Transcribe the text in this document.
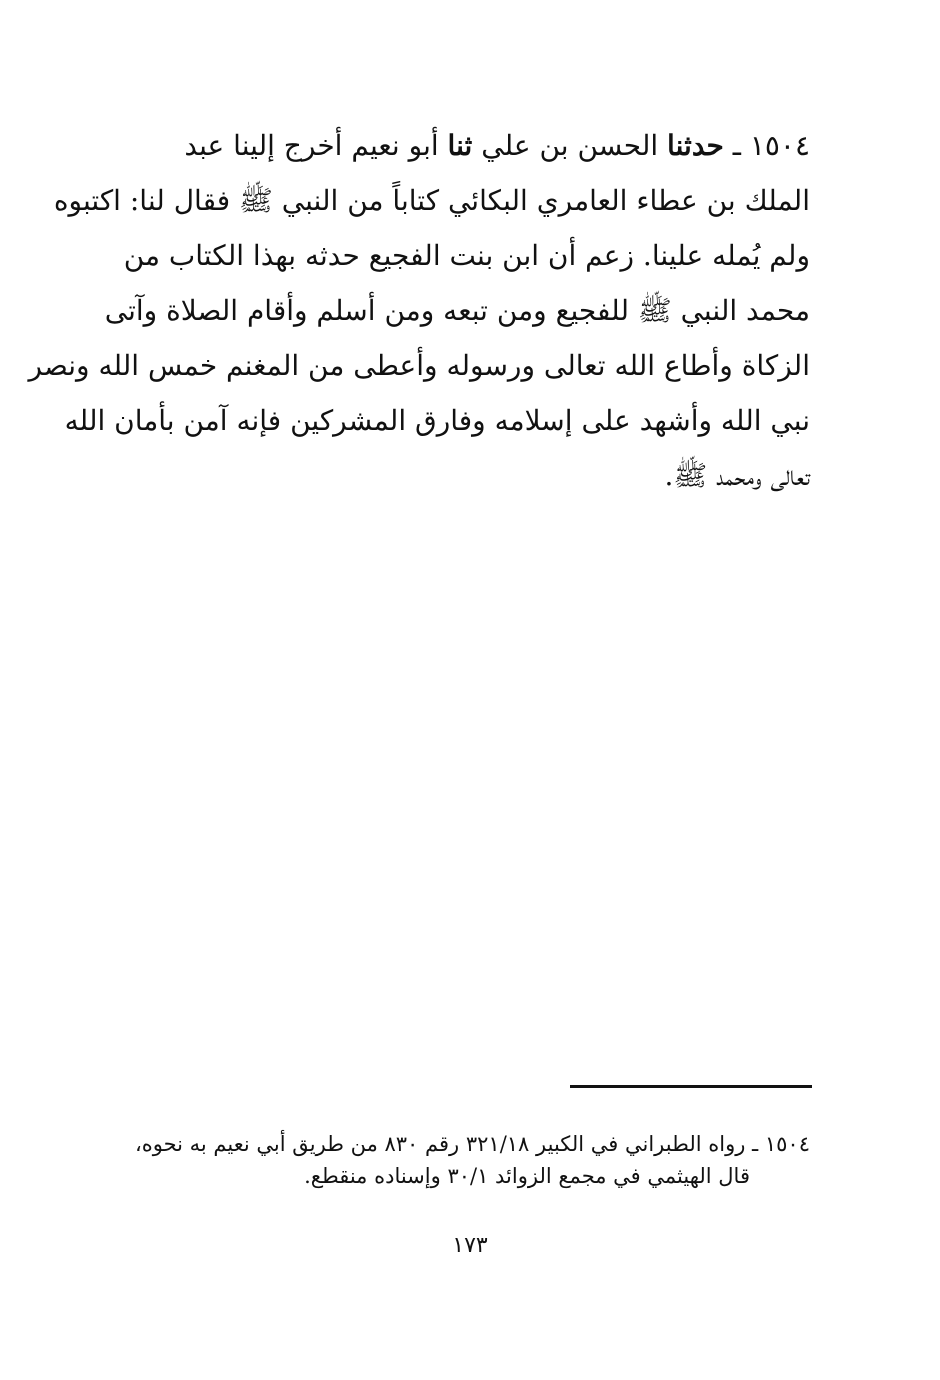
١٥٠٤ ـ حدثنا الحسن بن علي ثنا أبو نعيم أخرج إلينا عبد
الملك بن عطاء العامري البكائي كتاباً من النبي ﷺ فقال لنا: اكتبوه
ولم يُمله علينا. زعم أن ابن بنت الفجيع حدثه بهذا الكتاب من
محمد النبي ﷺ للفجيع ومن تبعه ومن أسلم وأقام الصلاة وآتى
الزكاة وأطاع الله تعالى ورسوله وأعطى من المغنم خمس الله ونصر
نبي الله وأشهد على إسلامه وفارق المشركين فإنه آمن بأمان الله
تعالى ومحمد ﷺ.
١٥٠٤ ـ رواه الطبراني في الكبير ٣٢١/١٨ رقم ٨٣٠ من طريق أبي نعيم به نحوه،
قال الهيثمي في مجمع الزوائد ٣٠/١ وإسناده منقطع.
١٧٣
